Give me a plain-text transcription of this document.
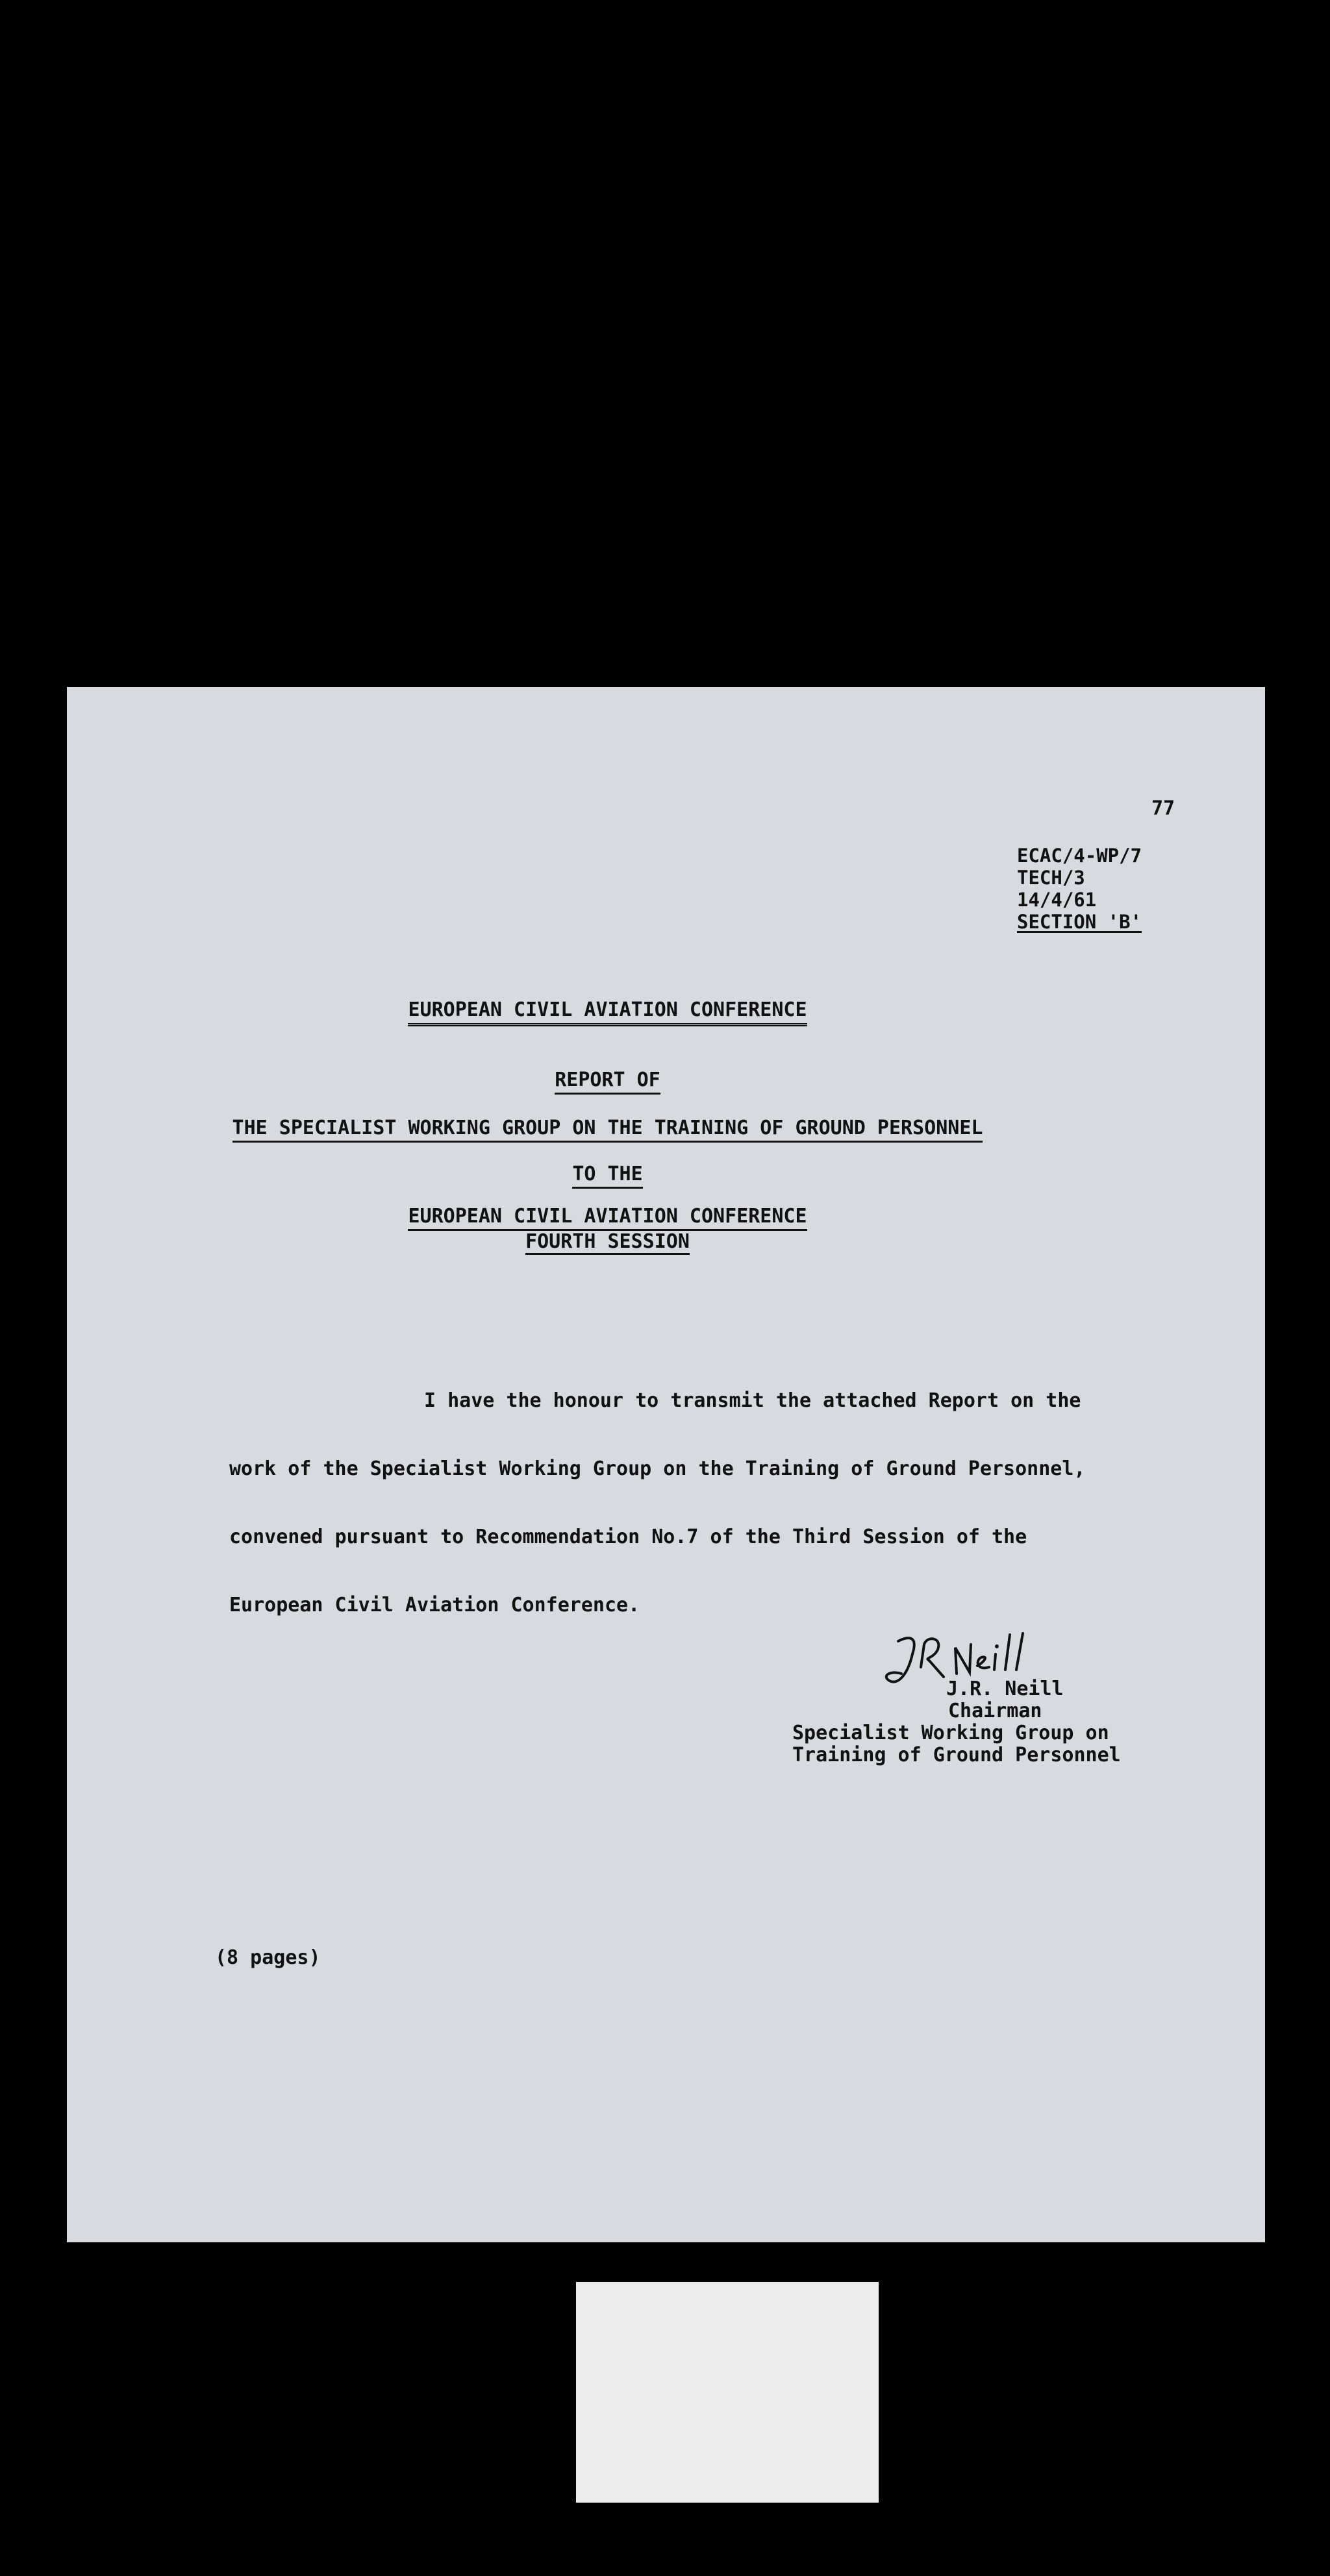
77
ECAC/4-WP/7
TECH/3
14/4/61
SECTION 'B'
EUROPEAN CIVIL AVIATION CONFERENCE
REPORT OF
THE SPECIALIST WORKING GROUP ON THE TRAINING OF GROUND PERSONNEL
TO THE
EUROPEAN CIVIL AVIATION CONFERENCE
FOURTH SESSION

I have the honour to transmit the attached Report on the

work of the Specialist Working Group on the Training of Ground Personnel,

convened pursuant to Recommendation No.7 of the Third Session of the

European Civil Aviation Conference.

J.R. Neill
J.R. Neill
Chairman
Specialist Working Group on
Training of Ground Personnel
(8 pages)
